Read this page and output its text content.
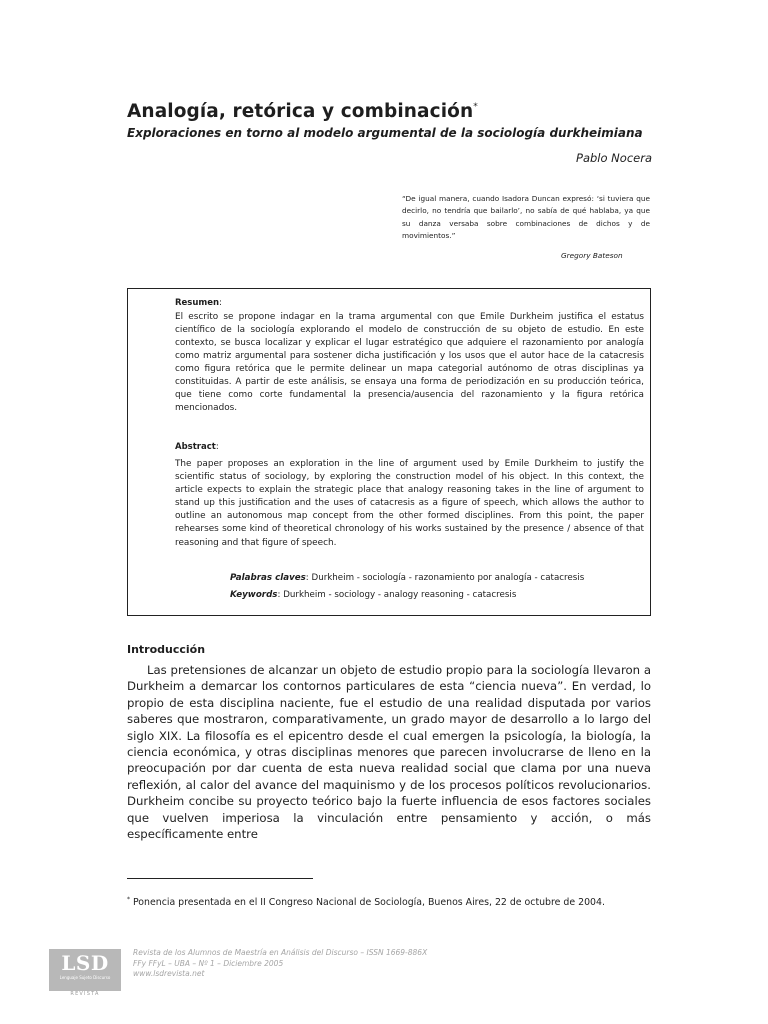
Analogía, retórica y combinación*
Exploraciones en torno al modelo argumental de la sociología durkheimiana
Pablo Nocera
“De igual manera, cuando Isadora Duncan expresó: ‘si tuviera que decirlo, no tendría que bailarlo’, no sabía de qué hablaba, ya que su danza versaba sobre combinaciones de dichos y de movimientos.”
Gregory Bateson
Resumen:
El escrito se propone indagar en la trama argumental con que Emile Durkheim justifica el estatus científico de la sociología explorando el modelo de construcción de su objeto de estudio. En este contexto, se busca localizar y explicar el lugar estratégico que adquiere el razonamiento por analogía como matriz argumental para sostener dicha justificación y los usos que el autor hace de la catacresis como figura retórica que le permite delinear un mapa categorial autónomo de otras disciplinas ya constituidas. A partir de este análisis, se ensaya una forma de periodización en su producción teórica, que tiene como corte fundamental la presencia/ausencia del razonamiento y la figura retórica mencionados.
Abstract:
The paper proposes an exploration in the line of argument used by Emile Durkheim to justify the scientific status of sociology, by exploring the construction model of his object. In this context, the article expects to explain the strategic place that analogy reasoning takes in the line of argument to stand up this justification and the uses of catacresis as a figure of speech, which allows the author to outline an autonomous map concept from the other formed disciplines. From this point, the paper rehearses some kind of theoretical chronology of his works sustained by the presence / absence of that reasoning and that figure of speech.
Palabras claves: Durkheim - sociología - razonamiento por analogía - catacresis
Keywords: Durkheim - sociology - analogy reasoning - catacresis
Introducción
Las pretensiones de alcanzar un objeto de estudio propio para la sociología llevaron a Durkheim a demarcar los contornos particulares de esta “ciencia nueva”. En verdad, lo propio de esta disciplina naciente, fue el estudio de una realidad disputada por varios saberes que mostraron, comparativamente, un grado mayor de desarrollo a lo largo del siglo XIX. La filosofía es el epicentro desde el cual emergen la psicología, la biología, la ciencia económica, y otras disciplinas menores que parecen involucrarse de lleno en la preocupación por dar cuenta de esta nueva realidad social que clama por una nueva reflexión, al calor del avance del maquinismo y de los procesos políticos revolucionarios. Durkheim concibe su proyecto teórico bajo la fuerte influencia de esos factores sociales que vuelven imperiosa la vinculación entre pensamiento y acción, o más específicamente entre
* Ponencia presentada en el II Congreso Nacional de Sociología, Buenos Aires, 22 de octubre de 2004.
LSD
Lenguaje Sujeto Discurso
REVISTA
Revista de los Alumnos de Maestría en Análisis del Discurso – ISSN 1669-886X
FFy FFyL – UBA – Nº 1 – Diciembre 2005
www.lsdrevista.net
